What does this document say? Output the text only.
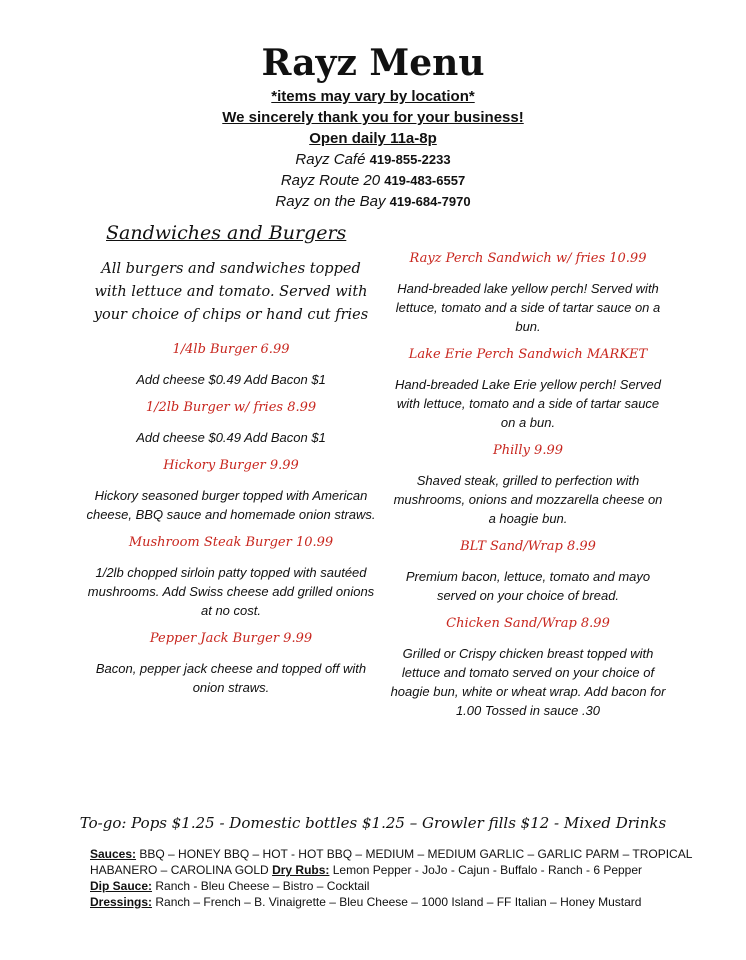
Rayz Menu
*items may vary by location*
We sincerely thank you for your business!
Open daily 11a-8p
Rayz Café 419-855-2233
Rayz Route 20 419-483-6557
Rayz on the Bay 419-684-7970
Sandwiches and Burgers
All burgers and sandwiches topped with lettuce and tomato. Served with your choice of chips or hand cut fries
1/4lb Burger 6.99
Add cheese $0.49 Add Bacon $1
1/2lb Burger w/ fries 8.99
Add cheese $0.49 Add Bacon $1
Hickory Burger 9.99
Hickory seasoned burger topped with American cheese, BBQ sauce and homemade onion straws.
Mushroom Steak Burger 10.99
1/2lb chopped sirloin patty topped with sautéed mushrooms. Add Swiss cheese add grilled onions at no cost.
Pepper Jack Burger 9.99
Bacon, pepper jack cheese and topped off with onion straws.
Rayz Perch Sandwich w/ fries 10.99
Hand-breaded lake yellow perch! Served with lettuce, tomato and a side of tartar sauce on a bun.
Lake Erie Perch Sandwich MARKET
Hand-breaded Lake Erie yellow perch! Served with lettuce, tomato and a side of tartar sauce on a bun.
Philly 9.99
Shaved steak, grilled to perfection with mushrooms, onions and mozzarella cheese on a hoagie bun.
BLT Sand/Wrap 8.99
Premium bacon, lettuce, tomato and mayo served on your choice of bread.
Chicken Sand/Wrap 8.99
Grilled or Crispy chicken breast topped with lettuce and tomato served on your choice of hoagie bun, white or wheat wrap. Add bacon for 1.00 Tossed in sauce .30
To-go: Pops $1.25 - Domestic bottles $1.25 – Growler fills $12 - Mixed Drinks
Sauces: BBQ – HONEY BBQ – HOT - HOT BBQ – MEDIUM – MEDIUM GARLIC – GARLIC PARM – TROPICAL HABANERO – CAROLINA GOLD Dry Rubs: Lemon Pepper - JoJo - Cajun - Buffalo - Ranch - 6 Pepper
Dip Sauce: Ranch - Bleu Cheese – Bistro – Cocktail
Dressings: Ranch – French – B. Vinaigrette – Bleu Cheese – 1000 Island – FF Italian – Honey Mustard
